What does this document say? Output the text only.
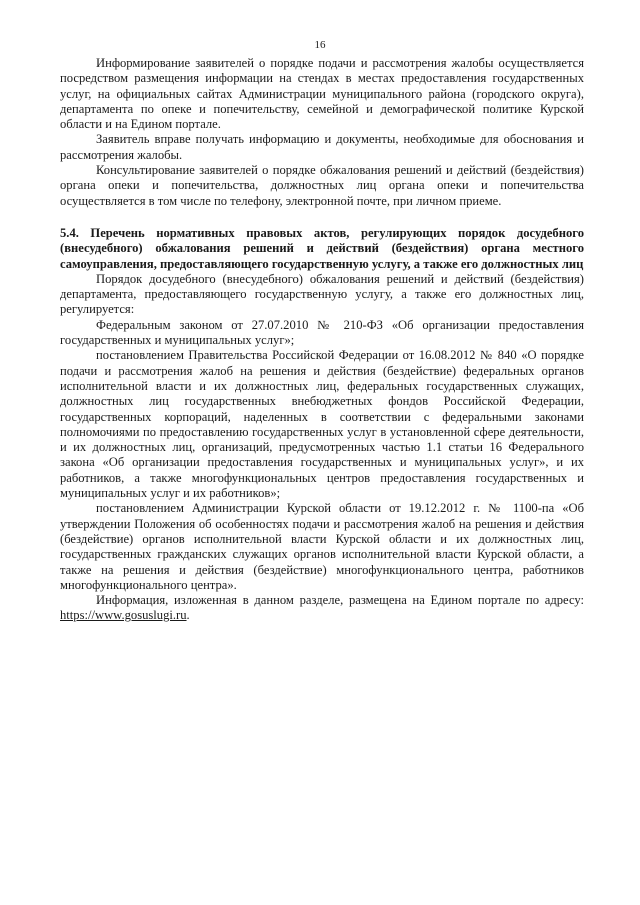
16

Информирование заявителей о порядке подачи и рассмотрения жалобы осуществляется посредством размещения информации на стендах в местах предоставления государственных услуг, на официальных сайтах Администрации муниципального района (городского округа), департамента по опеке и попечительству, семейной и демографической политике Курской области и на Едином портале.

Заявитель вправе получать информацию и документы, необходимые для обоснования и рассмотрения жалобы.

Консультирование заявителей о порядке обжалования решений и действий (бездействия) органа опеки и попечительства, должностных лиц органа опеки и попечительства осуществляется в том числе по телефону, электронной почте, при личном приеме.

5.4. Перечень нормативных правовых актов, регулирующих порядок досудебного (внесудебного) обжалования решений и действий (бездействия) органа местного самоуправления, предоставляющего государственную услугу, а также его должностных лиц

Порядок досудебного (внесудебного) обжалования решений и действий (бездействия) департамента, предоставляющего государственную услугу, а также его должностных лиц, регулируется:

Федеральным законом от 27.07.2010 № 210-ФЗ «Об организации предоставления государственных и муниципальных услуг»;

постановлением Правительства Российской Федерации от 16.08.2012 № 840 «О порядке подачи и рассмотрения жалоб на решения и действия (бездействие) федеральных органов исполнительной власти и их должностных лиц, федеральных государственных служащих, должностных лиц государственных внебюджетных фондов Российской Федерации, государственных корпораций, наделенных в соответствии с федеральными законами полномочиями по предоставлению государственных услуг в установленной сфере деятельности, и их должностных лиц, организаций, предусмотренных частью 1.1 статьи 16 Федерального закона «Об организации предоставления государственных и муниципальных услуг», и их работников, а также многофункциональных центров предоставления государственных и муниципальных услуг и их работников»;

постановлением Администрации Курской области от 19.12.2012 г. № 1100-па «Об утверждении Положения об особенностях подачи и рассмотрения жалоб на решения и действия (бездействие) органов исполнительной власти Курской области и их должностных лиц, государственных гражданских служащих органов исполнительной власти Курской области, а также на решения и действия (бездействие) многофункционального центра, работников многофункционального центра».

Информация, изложенная в данном разделе, размещена на Едином портале по адресу: https://www.gosuslugi.ru.
